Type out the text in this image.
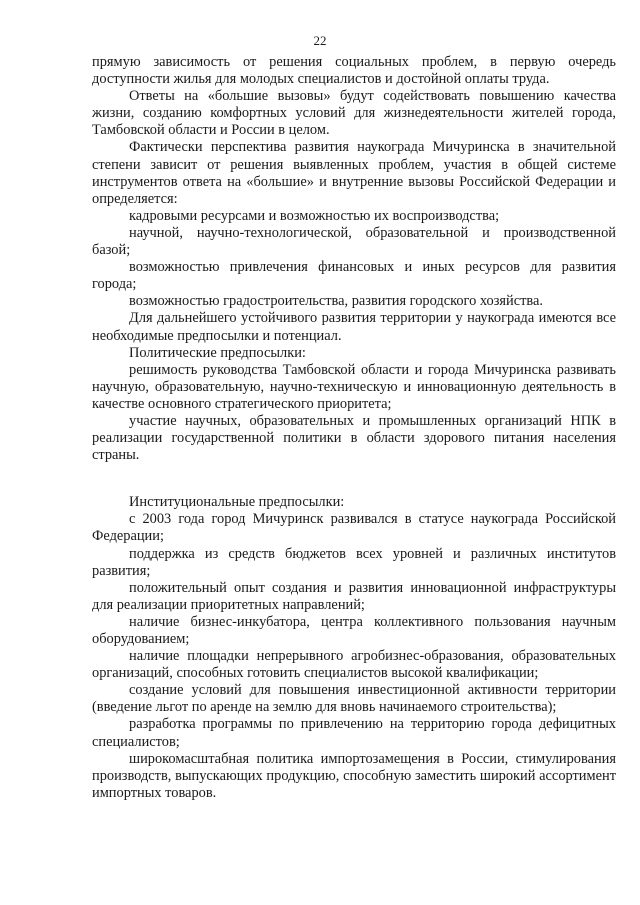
22

прямую зависимость от решения социальных проблем, в первую очередь доступности жилья для молодых специалистов и достойной оплаты труда.

Ответы на «большие вызовы» будут содействовать повышению качества жизни, созданию комфортных условий для жизнедеятельности жителей города, Тамбовской области и России в целом.

Фактически перспектива развития наукограда Мичуринска в значительной степени зависит от решения выявленных проблем, участия в общей системе инструментов ответа на «большие» и внутренние вызовы Российской Федерации и определяется:

кадровыми ресурсами и возможностью их воспроизводства;

научной, научно-технологической, образовательной и производственной базой;

возможностью привлечения финансовых и иных ресурсов для развития города;

возможностью градостроительства, развития городского хозяйства.

Для дальнейшего устойчивого развития территории у наукограда имеются все необходимые предпосылки и потенциал.

Политические предпосылки:

решимость руководства Тамбовской области и города Мичуринска развивать научную, образовательную, научно-техническую и инновационную деятельность в качестве основного стратегического приоритета;

участие научных, образовательных и промышленных организаций НПК в реализации государственной политики в области здорового питания населения страны.

Институциональные предпосылки:

с 2003 года город Мичуринск развивался в статусе наукограда Российской Федерации;

поддержка из средств бюджетов всех уровней и различных институтов развития;

положительный опыт создания и развития инновационной инфраструктуры для реализации приоритетных направлений;

наличие бизнес-инкубатора, центра коллективного пользования научным оборудованием;

наличие площадки непрерывного агробизнес-образования, образовательных организаций, способных готовить специалистов высокой квалификации;

создание условий для повышения инвестиционной активности территории (введение льгот по аренде на землю для вновь начинаемого строительства);

разработка программы по привлечению на территорию города дефицитных специалистов;

широкомасштабная политика импортозамещения в России, стимулирования производств, выпускающих продукцию, способную заместить широкий ассортимент импортных товаров.
